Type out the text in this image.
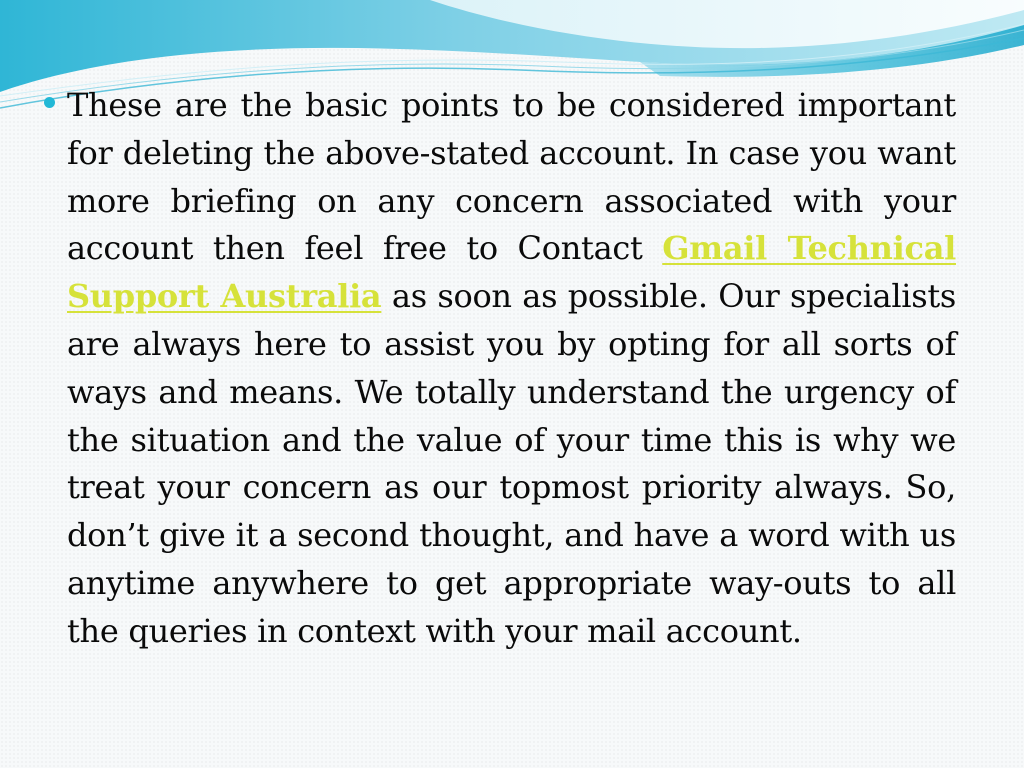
These are the basic points to be considered important for deleting the above-stated account. In case you want more briefing on any concern associated with your account then feel free to Contact Gmail Technical Support Australia as soon as possible. Our specialists are always here to assist you by opting for all sorts of ways and means. We totally understand the urgency of the situation and the value of your time this is why we treat your concern as our topmost priority always. So, don’t give it a second thought, and have a word with us anytime anywhere to get appropriate way-outs to all the queries in context with your mail account.
